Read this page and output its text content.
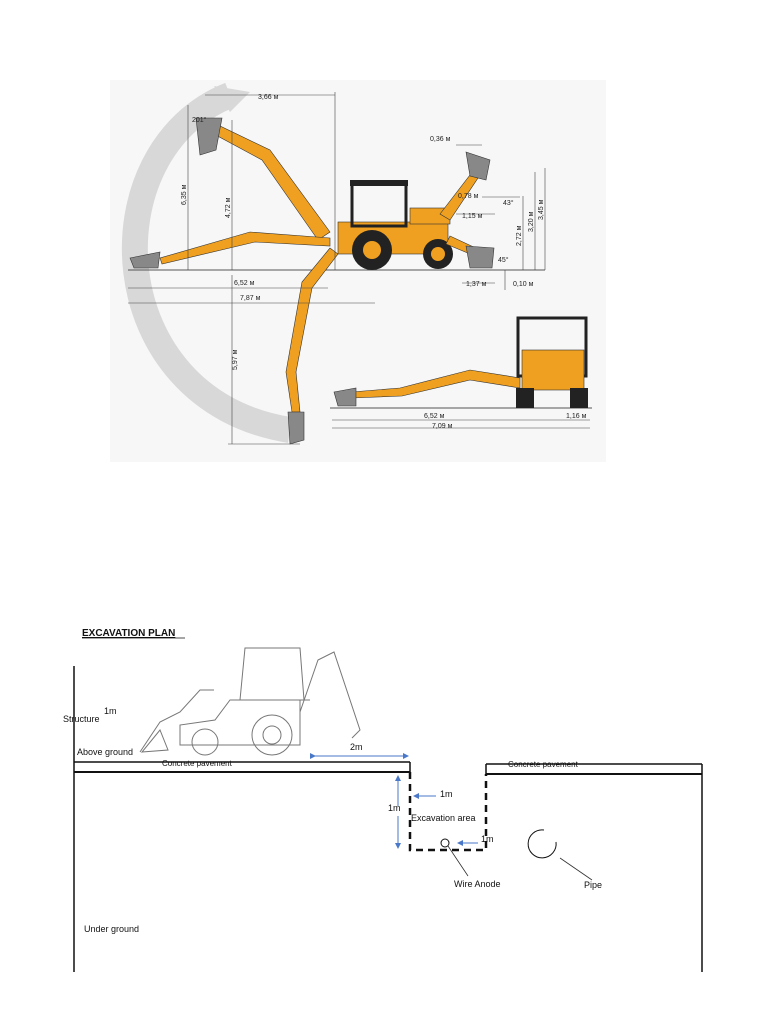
3,66 м
201°
6,35 м
4,72 м
6,52 м
7,87 м
5,97 м
0,36 м
0,78 м
1,15 м
43°
2,72 м
3,20 м
3,45 м
45°
1,37 м	0,10 м
6,52 м	1,16 м
7,09 м
EXCAVATION PLAN
Structure
1m
Above ground
Concrete pavement	Concrete pavement
2m
1m
1m
Excavation area
1m
Wire Anode	Pipe
Under ground
